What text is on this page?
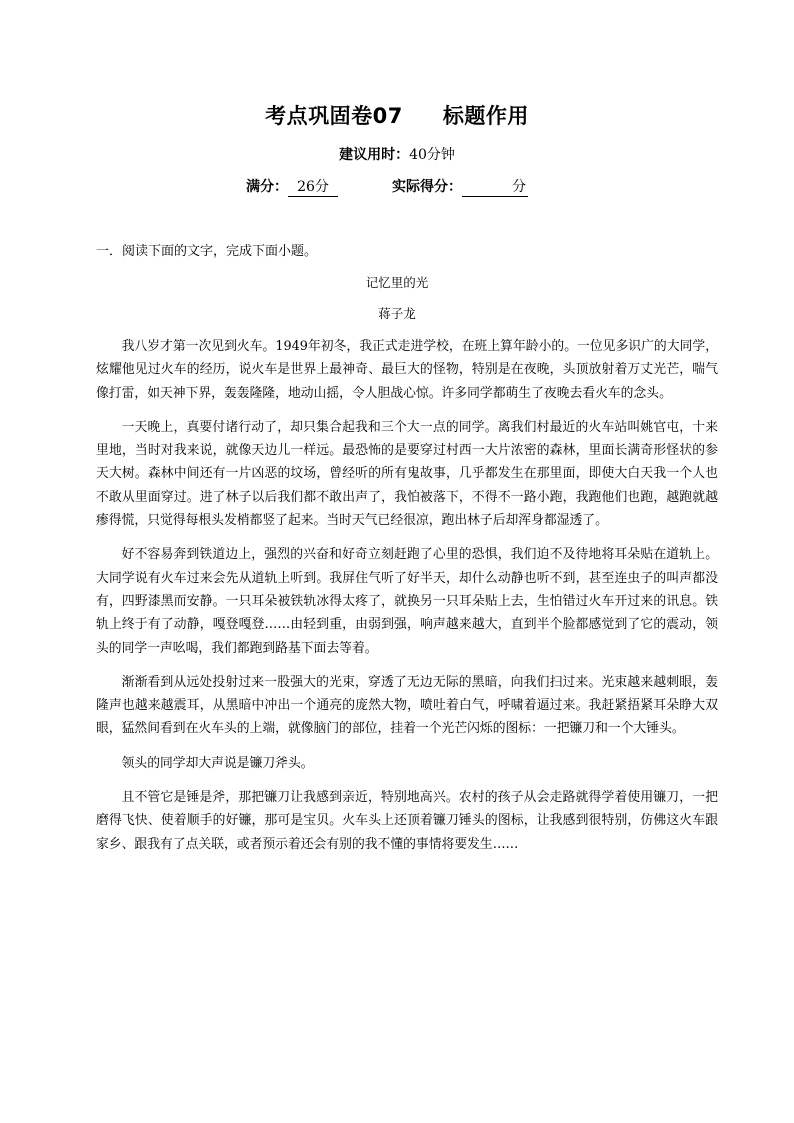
考点巩固卷07 标题作用
建议用时：40分钟
满分： 26分	实际得分：	分
一．阅读下面的文字，完成下面小题。
记忆里的光
蒋子龙

我八岁才第一次见到火车。1949年初冬，我正式走进学校，在班上算年龄小的。一位见多识广的大同学，炫耀他见过火车的经历，说火车是世界上最神奇、最巨大的怪物，特别是在夜晚，头顶放射着万丈光芒，喘气像打雷，如天神下界，轰轰隆隆，地动山摇，令人胆战心惊。许多同学都萌生了夜晚去看火车的念头。

一天晚上，真要付诸行动了，却只集合起我和三个大一点的同学。离我们村最近的火车站叫姚官屯，十来里地，当时对我来说，就像天边儿一样远。最恐怖的是要穿过村西一大片浓密的森林，里面长满奇形怪状的参天大树。森林中间还有一片凶恶的坟场，曾经听的所有鬼故事，几乎都发生在那里面，即使大白天我一个人也不敢从里面穿过。进了林子以后我们都不敢出声了，我怕被落下，不得不一路小跑，我跑他们也跑，越跑就越瘆得慌，只觉得每根头发梢都竖了起来。当时天气已经很凉，跑出林子后却浑身都湿透了。

好不容易奔到铁道边上，强烈的兴奋和好奇立刻赶跑了心里的恐惧，我们迫不及待地将耳朵贴在道轨上。大同学说有火车过来会先从道轨上听到。我屏住气听了好半天，却什么动静也听不到，甚至连虫子的叫声都没有，四野漆黑而安静。一只耳朵被铁轨冰得太疼了，就换另一只耳朵贴上去，生怕错过火车开过来的讯息。铁轨上终于有了动静，嘎登嘎登……由轻到重，由弱到强，响声越来越大，直到半个脸都感觉到了它的震动，领头的同学一声吆喝，我们都跑到路基下面去等着。

渐渐看到从远处投射过来一股强大的光束，穿透了无边无际的黑暗，向我们扫过来。光束越来越刺眼，轰隆声也越来越震耳，从黑暗中冲出一个通亮的庞然大物，喷吐着白气，呼啸着逼过来。我赶紧捂紧耳朵睁大双眼，猛然间看到在火车头的上端，就像脑门的部位，挂着一个光芒闪烁的图标：一把镰刀和一个大锤头。

领头的同学却大声说是镰刀斧头。

且不管它是锤是斧，那把镰刀让我感到亲近，特别地高兴。农村的孩子从会走路就得学着使用镰刀，一把磨得飞快、使着顺手的好镰，那可是宝贝。火车头上还顶着镰刀锤头的图标，让我感到很特别，仿佛这火车跟家乡、跟我有了点关联，或者预示着还会有别的我不懂的事情将要发生……
